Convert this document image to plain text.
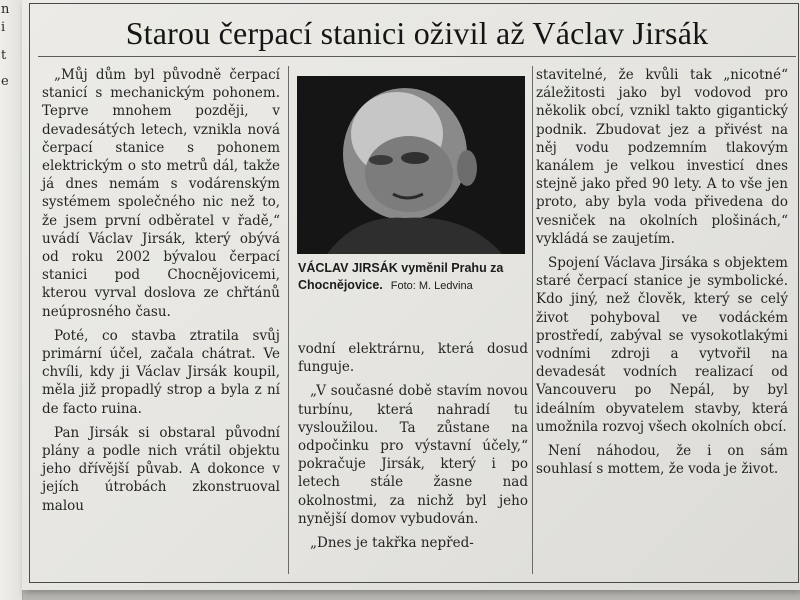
n
i
t
e
Starou čerpací stanici oživil až Václav Jirsák

„Můj dům byl původně čerpací stanicí s mechanickým pohonem. Teprve mnohem později, v devadesátých letech, vznikla nová čerpací stanice s pohonem elektrickým o sto metrů dál, takže já dnes nemám s vodárenským systémem společného nic než to, že jsem první odběratel v řadě,“ uvádí Václav Jirsák, který obývá od roku 2002 bývalou čerpací stanici pod Chocnějovicemi, kterou vyrval doslova ze chřtánů neúprosného času.

Poté, co stavba ztratila svůj primární účel, začala chátrat. Ve chvíli, kdy ji Václav Jirsák koupil, měla již propadlý strop a byla z ní de facto ruina.

Pan Jirsák si obstaral původní plány a podle nich vrátil objektu jeho dřívější půvab. A dokonce v jejích útrobách zkonstruoval malou

VÁCLAV JIRSÁK vyměnil Prahu za Chocnějovice. Foto: M. Ledvina

vodní elektrárnu, která dosud funguje.

„V současné době stavím novou turbínu, která nahradí tu vysloužilou. Ta zůstane na odpočinku pro výstavní účely,“ pokračuje Jirsák, který i po letech stále žasne nad okolnostmi, za nichž byl jeho nynější domov vybudován.

„Dnes je takřka nepřed-

stavitelné, že kvůli tak „nicotné“ záležitosti jako byl vodovod pro několik obcí, vznikl takto gigantický podnik. Zbudovat jez a přivést na něj vodu podzemním tlakovým kanálem je velkou investicí dnes stejně jako před 90 lety. A to vše jen proto, aby byla voda přivedena do vesniček na okolních plošinách,“ vykládá se zaujetím.

Spojení Václava Jirsáka s objektem staré čerpací stanice je symbolické. Kdo jiný, než člověk, který se celý život pohyboval ve vodáckém prostředí, zabýval se vysokotlakými vodními zdroji a vytvořil na devadesát vodních realizací od Vancouveru po Nepál, by byl ideálním obyvatelem stavby, která umožnila rozvoj všech okolních obcí.

Není náhodou, že i on sám souhlasí s mottem, že voda je život.
